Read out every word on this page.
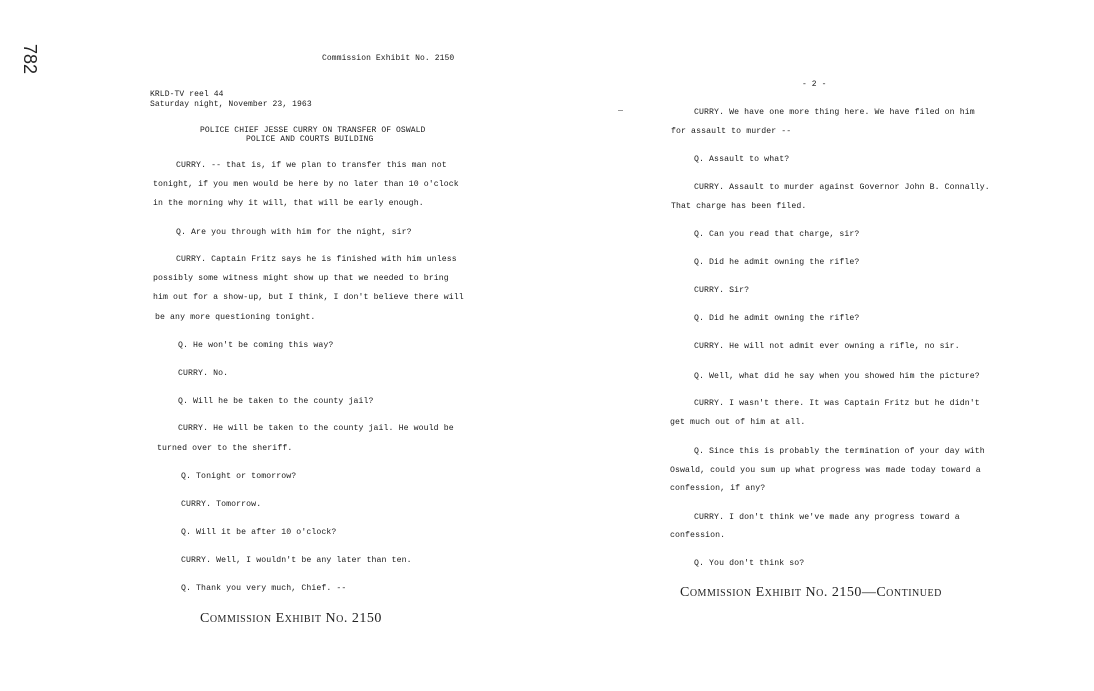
782	Commission Exhibit No. 2150
KRLD-TV reel 44
Saturday night, November 23, 1963
POLICE CHIEF JESSE CURRY ON TRANSFER OF OSWALD
POLICE AND COURTS BUILDING
CURRY. -- that is, if we plan to transfer this man not
tonight, if you men would be here by no later than 10 o'clock
in the morning why it will, that will be early enough.
Q. Are you through with him for the night, sir?
CURRY. Captain Fritz says he is finished with him unless
possibly some witness might show up that we needed to bring
him out for a show-up, but I think, I don't believe there will
be any more questioning tonight.
Q. He won't be coming this way?
CURRY. No.
Q. Will he be taken to the county jail?
CURRY. He will be taken to the county jail. He would be
turned over to the sheriff.
Q. Tonight or tomorrow?
CURRY. Tomorrow.
Q. Will it be after 10 o'clock?
CURRY. Well, I wouldn't be any later than ten.
Q. Thank you very much, Chief. --
Commission Exhibit No. 2150
- 2 -
CURRY. We have one more thing here. We have filed on him
for assault to murder --
Q. Assault to what?
CURRY. Assault to murder against Governor John B. Connally.
That charge has been filed.
Q. Can you read that charge, sir?
Q. Did he admit owning the rifle?
CURRY. Sir?
Q. Did he admit owning the rifle?
CURRY. He will not admit ever owning a rifle, no sir.
Q. Well, what did he say when you showed him the picture?
CURRY. I wasn't there. It was Captain Fritz but he didn't
get much out of him at all.
Q. Since this is probably the termination of your day with
Oswald, could you sum up what progress was made today toward a
confession, if any?
CURRY. I don't think we've made any progress toward a
confession.
Q. You don't think so?
Commission Exhibit No. 2150—Continued
